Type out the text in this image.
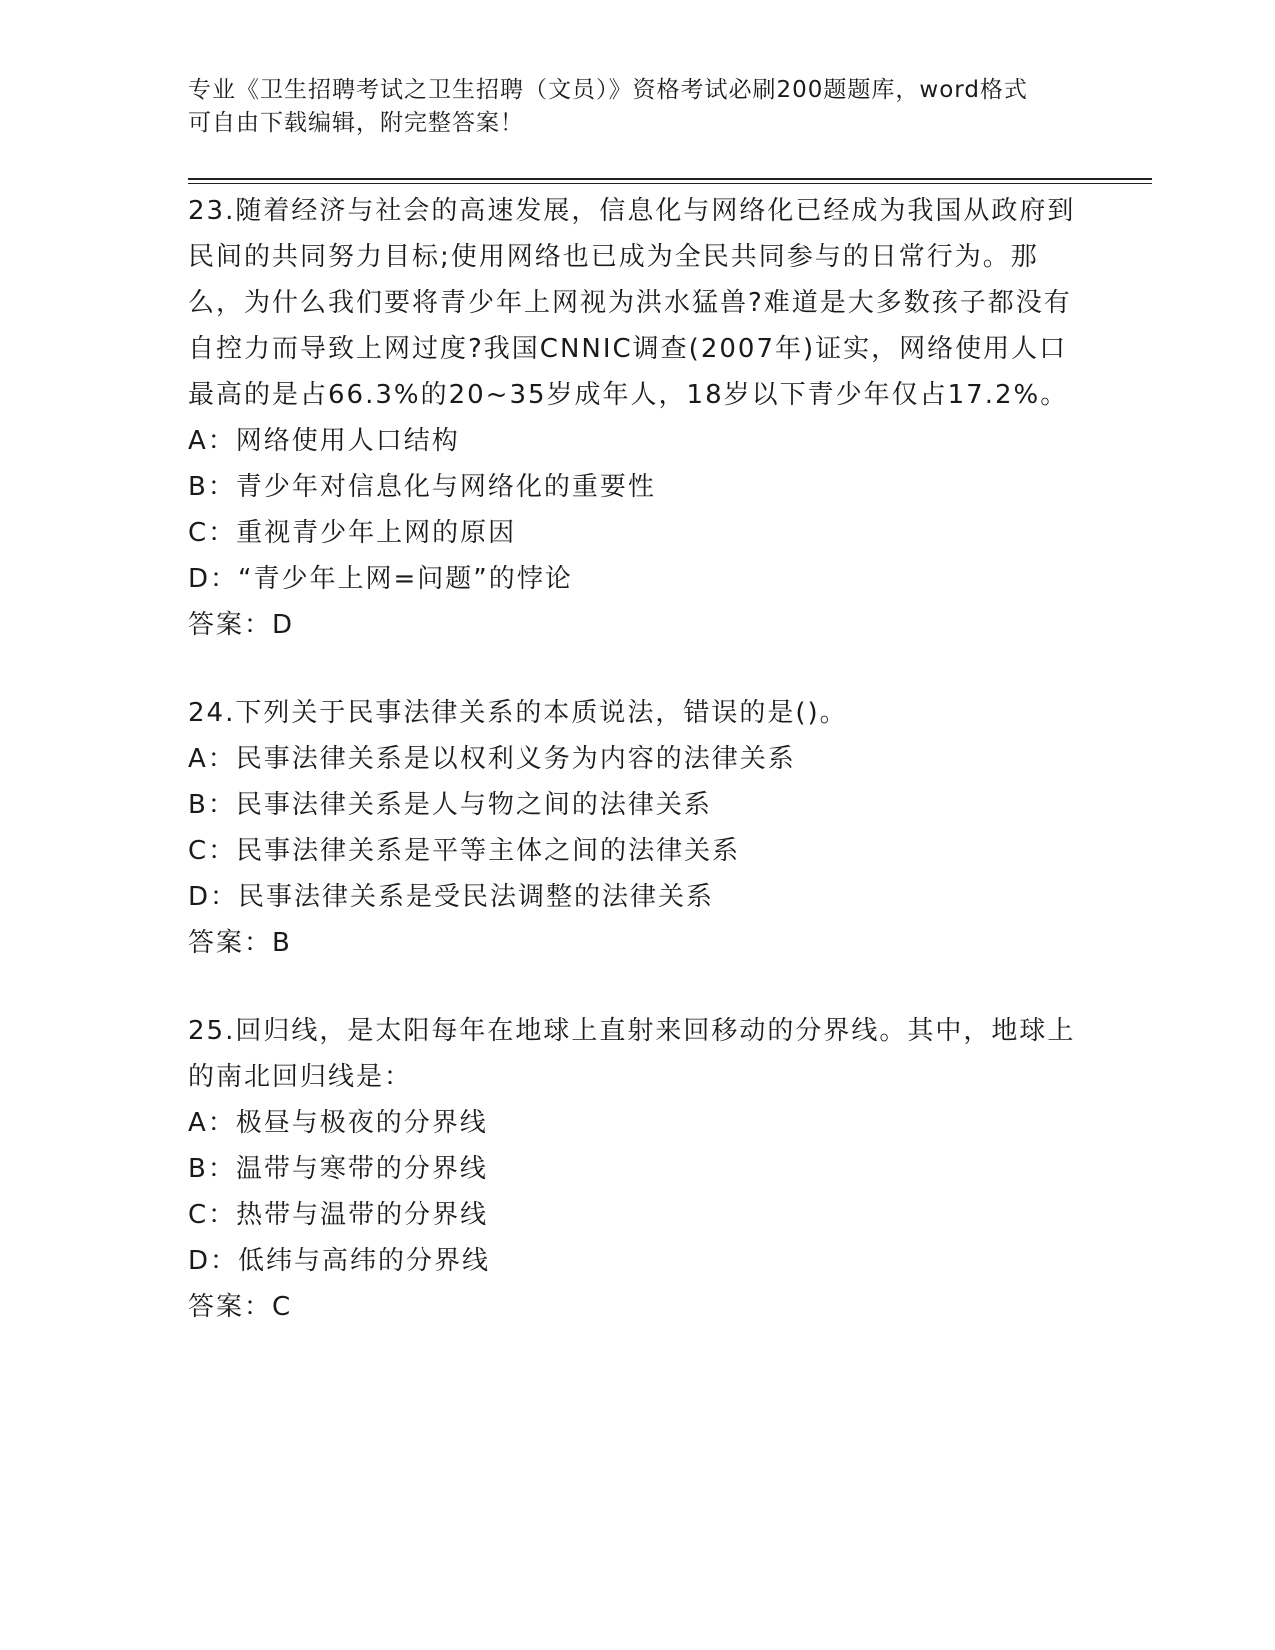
专业《卫生招聘考试之卫生招聘（文员）》资格考试必刷200题题库，word格式
可自由下载编辑，附完整答案！

23.随着经济与社会的高速发展，信息化与网络化已经成为我国从政府到民间的共同努力目标;使用网络也已成为全民共同参与的日常行为。那么，为什么我们要将青少年上网视为洪水猛兽?难道是大多数孩子都没有自控力而导致上网过度?我国CNNIC调查(2007年)证实，网络使用人口最高的是占66.3%的20~35岁成年人，18岁以下青少年仅占17.2%。

A：网络使用人口结构

B：青少年对信息化与网络化的重要性

C：重视青少年上网的原因

D：“青少年上网=问题”的悖论

答案：D

24.下列关于民事法律关系的本质说法，错误的是()。

A：民事法律关系是以权利义务为内容的法律关系

B：民事法律关系是人与物之间的法律关系

C：民事法律关系是平等主体之间的法律关系

D：民事法律关系是受民法调整的法律关系

答案：B

25.回归线，是太阳每年在地球上直射来回移动的分界线。其中，地球上的南北回归线是：

A：极昼与极夜的分界线

B：温带与寒带的分界线

C：热带与温带的分界线

D：低纬与高纬的分界线

答案：C
